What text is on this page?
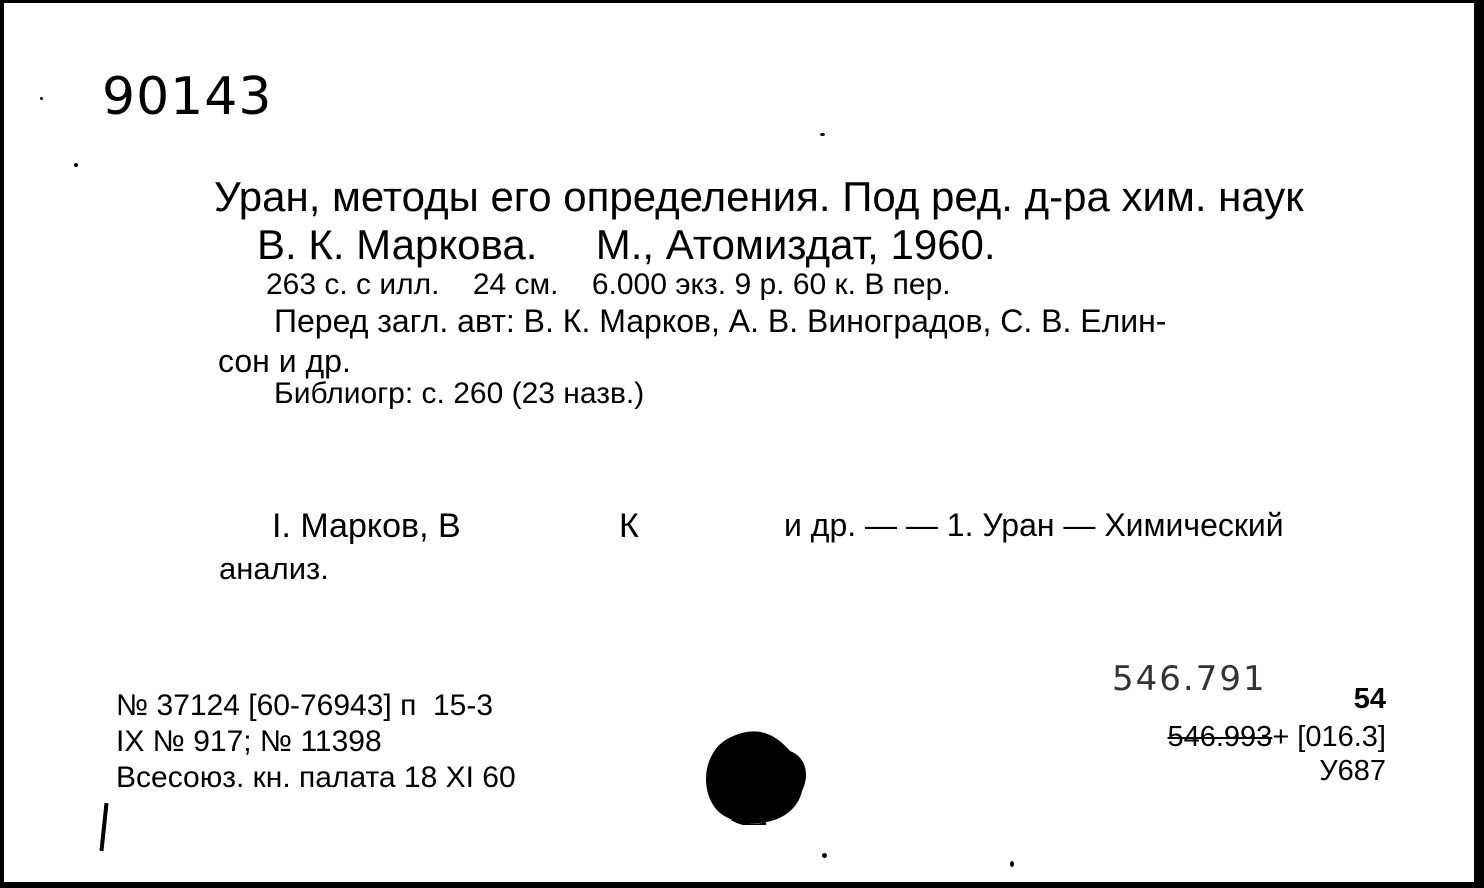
90143
Уран, методы его определения. Под ред. д-ра хим. наук
В. К. Маркова.     М., Атомиздат, 1960.
263 с. с илл.    24 см.    6.000 экз. 9 р. 60 к. В пер.
Перед загл. авт: В. К. Марков, А. В. Виноградов, С. В. Елин-
сон и др.
Библиогр: с. 260 (23 назв.)
I. Марков, В	К	и др. — — 1. Уран — Химический
анализ.
№ 37124 [60-76943] п  15-3
IX № 917; № 11398
Всесоюз. кн. палата 18 XI 60
546.791	54
546.993+ [016.3]
У687
